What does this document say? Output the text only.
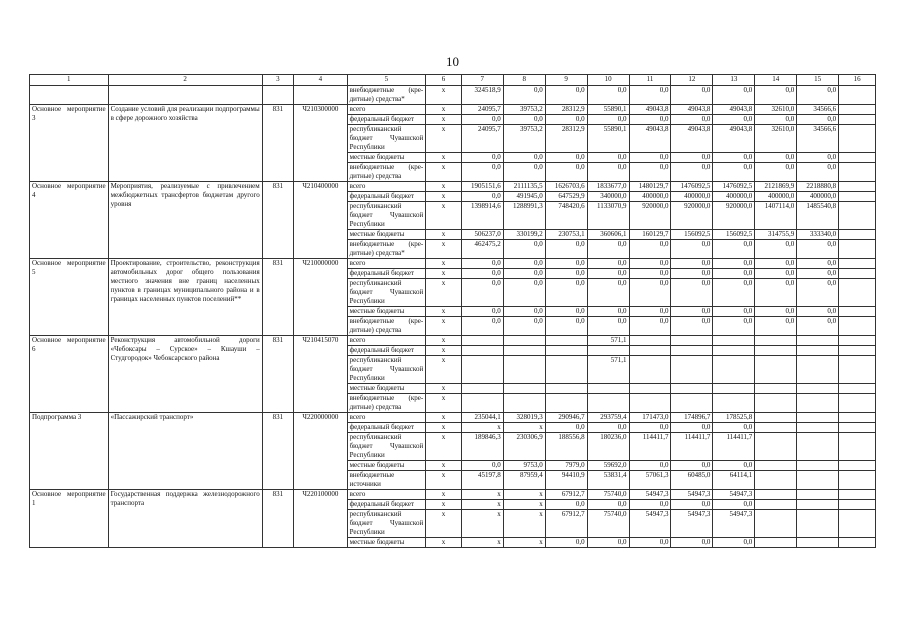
10
1	2	3	4	5	6	7	8	9	10	11	12	13	14	15	16
				внебюджетные (кре-дитные) средства*	х	324518,9	0,0	0,0	0,0	0,0	0,0	0,0	0,0	0,0	
Основное мероприятие 3	Создание условий для реализации подпрограммы в сфере дорожного хозяйства	831	Ч210300000	всего	х	24095,7	39753,2	28312,9	55890,1	49043,8	49043,8	49043,8	32610,0	34566,6	
				федеральный бюджет	х	0,0	0,0	0,0	0,0	0,0	0,0	0,0	0,0	0,0	
				республиканский бюджет Чувашской Республики	х	24095,7	39753,2	28312,9	55890,1	49043,8	49043,8	49043,8	32610,0	34566,6	
				местные бюджеты	х	0,0	0,0	0,0	0,0	0,0	0,0	0,0	0,0	0,0	
				внебюджетные (кре-дитные) средства	х	0,0	0,0	0,0	0,0	0,0	0,0	0,0	0,0	0,0	
Основное мероприятие 4	Мероприятия, реализуемые с привлечением межбюджетных трансфертов бюджетам другого уровня	831	Ч210400000	всего	х	1905151,6	2111135,5	1626703,6	1833677,0	1480129,7	1476092,5	1476092,5	2121869,9	2218880,8	
				федеральный бюджет	х	0,0	491945,0	647529,9	340000,0	400000,0	400000,0	400000,0	400000,0	400000,0	
				республиканский бюджет Чувашской Республики	х	1398914,6	1288991,3	748420,6	1133070,9	920000,0	920000,0	920000,0	1407114,0	1485540,8	
				местные бюджеты	х	506237,0	330199,2	230753,1	360606,1	160129,7	156092,5	156092,5	314755,9	333340,0	
				внебюджетные (кре-дитные) средства*	х	462475,2	0,0	0,0	0,0	0,0	0,0	0,0	0,0	0,0	
Основное мероприятие 5	Проектирование, строительство, реконструкция автомобильных дорог общего пользования местного значения вне границ населенных пунктов в границах муниципального района и в границах населенных пунктов поселений**	831	Ч210000000	всего	х	0,0	0,0	0,0	0,0	0,0	0,0	0,0	0,0	0,0	
				федеральный бюджет	х	0,0	0,0	0,0	0,0	0,0	0,0	0,0	0,0	0,0	
				республиканский бюджет Чувашской Республики	х	0,0	0,0	0,0	0,0	0,0	0,0	0,0	0,0	0,0	
				местные бюджеты	х	0,0	0,0	0,0	0,0	0,0	0,0	0,0	0,0	0,0	
				внебюджетные (кре-дитные) средства	х	0,0	0,0	0,0	0,0	0,0	0,0	0,0	0,0	0,0	
Основное мероприятие 6	Реконструкция автомобильной дороги «Чебоксары – Сурское» – Кшауши – Студгородок» Чебоксарского района	831	Ч210415070	всего	х				571,1						
				федеральный бюджет	х										
				республиканский бюджет Чувашской Республики	х				571,1						
				местные бюджеты	х										
				внебюджетные (кре-дитные) средства	х										
Подпрограмма 3	«Пассажирский транспорт»	831	Ч220000000	всего	х	235044,1	328019,3	290946,7	293759,4	171473,0	174896,7	178525,8			
				федеральный бюджет	х	х	х	0,0	0,0	0,0	0,0	0,0			
				республиканский бюджет Чувашской Республики	х	189846,3	230306,9	188556,8	180236,0	114411,7	114411,7	114411,7			
				местные бюджеты	х	0,0	9753,0	7979,0	59692,0	0,0	0,0	0,0			
				внебюджетные источники	х	45197,8	87959,4	94410,9	53831,4	57061,3	60485,0	64114,1			
Основное мероприятие 1	Государственная поддержка железнодорожного транспорта	831	Ч220100000	всего	х	х	х	67912,7	75740,0	54947,3	54947,3	54947,3			
				федеральный бюджет	х	х	х	0,0	0,0	0,0	0,0	0,0			
				республиканский бюджет Чувашской Республики	х	х	х	67912,7	75740,0	54947,3	54947,3	54947,3			
				местные бюджеты	х	х	х	0,0	0,0	0,0	0,0	0,0			
